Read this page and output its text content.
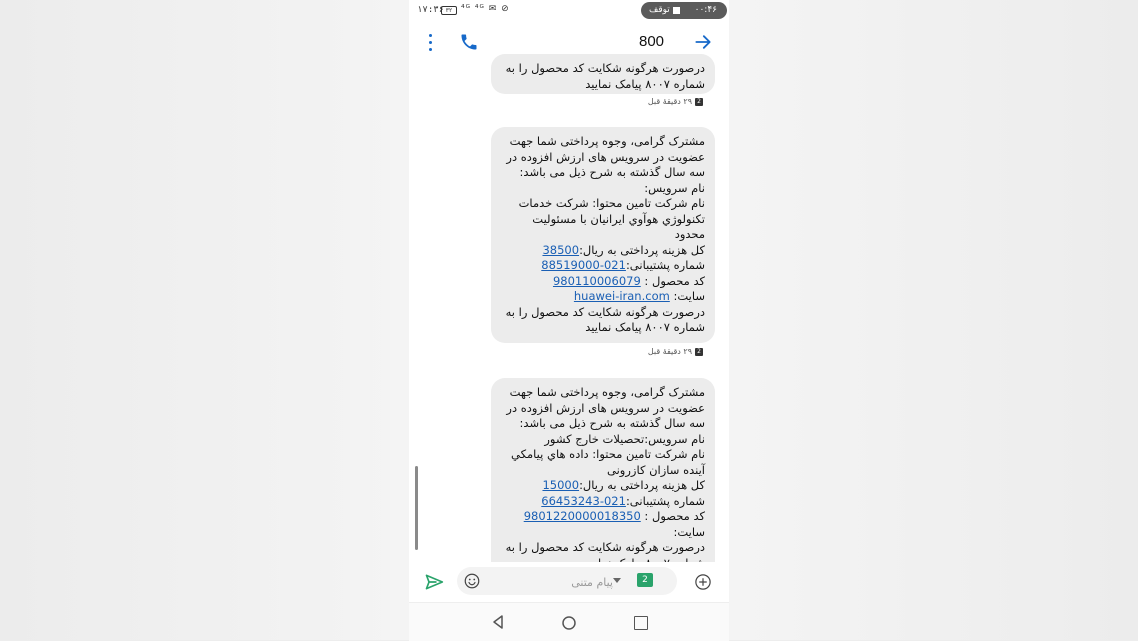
۱۷:۳۶ ۳۲ ⁴ᴳ ⁴ᴳ ✉ ⊘	توقف	۰۰:۴۶
800
درصورت هرگونه شکایت کد محصول را به
شماره ۸۰۰۷ پیامک نمایید
2۲۹ دقیقهٔ قبل
مشترک گرامی، وجوه پرداختی شما جهت
عضویت در سرویس های ارزش افزوده در
سه سال گذشته به شرح ذیل می باشد:
نام سرویس:
نام شرکت تامین محتوا: شرکت خدمات
تکنولوژي هوآوي ايرانيان با مسئوليت
محدود
کل هزینه پرداختی به ریال:38500
شماره پشتیبانی:021-88519000
کد محصول : 980110006079
سایت: huawei-iran.com
درصورت هرگونه شکایت کد محصول را به
شماره ۸۰۰۷ پیامک نمایید
2۲۹ دقیقهٔ قبل
مشترک گرامی، وجوه پرداختی شما جهت
عضویت در سرویس های ارزش افزوده در
سه سال گذشته به شرح ذیل می باشد:
نام سرویس:تحصیلات خارج کشور
نام شرکت تامین محتوا: داده هاي پيامكي
آینده سازان کازرونی
کل هزینه پرداختی به ریال:15000
شماره پشتیبانی:021-66453243
کد محصول : 9801220000018350
سایت:
درصورت هرگونه شکایت کد محصول را به
پیام متنی
2
